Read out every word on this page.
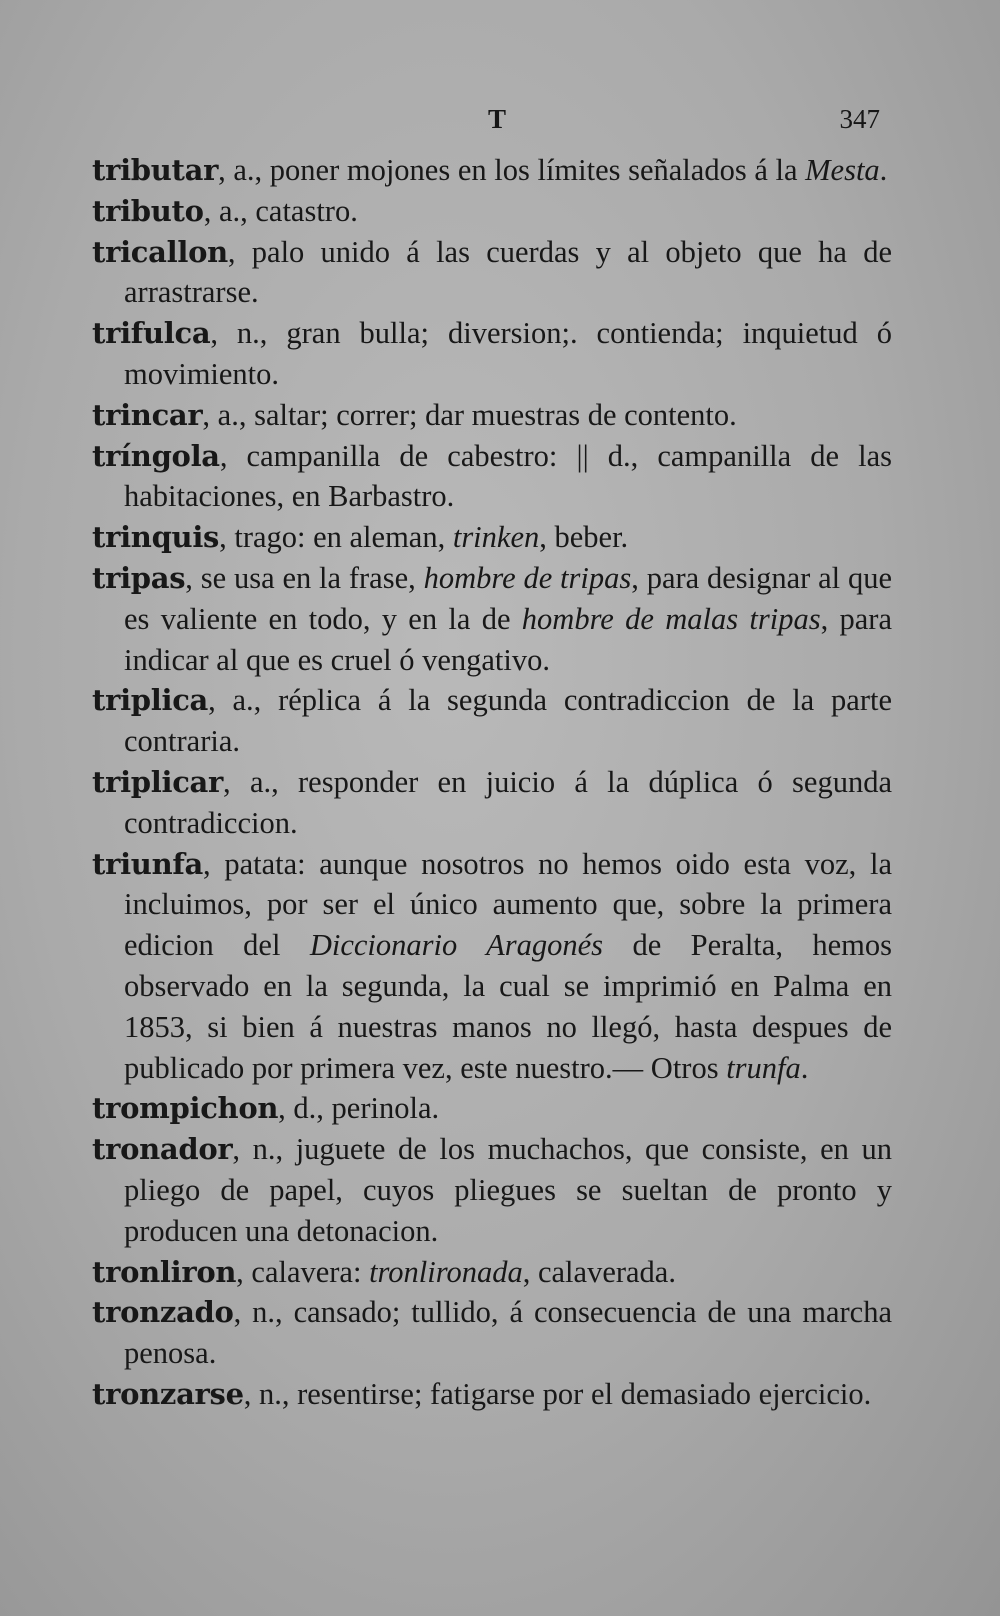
T	347

tributar, a., poner mojones en los límites señalados á la Mesta.

tributo, a., catastro.

tricallon, palo unido á las cuerdas y al objeto que ha de arrastrarse.

trifulca, n., gran bulla; diversion;. contienda; inquietud ó movimiento.

trincar, a., saltar; correr; dar muestras de contento.

tríngola, campanilla de cabestro: || d., campanilla de las habitaciones, en Barbastro.

trinquis, trago: en aleman, trinken, beber.

tripas, se usa en la frase, hombre de tripas, para designar al que es valiente en todo, y en la de hombre de malas tripas, para indicar al que es cruel ó vengativo.

triplica, a., réplica á la segunda contradiccion de la parte contraria.

triplicar, a., responder en juicio á la dúplica ó segunda contradiccion.

triunfa, patata: aunque nosotros no hemos oido esta voz, la incluimos, por ser el único aumento que, sobre la primera edicion del Diccionario Aragonés de Peralta, hemos observado en la segunda, la cual se imprimió en Palma en 1853, si bien á nuestras manos no llegó, hasta despues de publicado por primera vez, este nuestro.— Otros trunfa.

trompichon, d., perinola.

tronador, n., juguete de los muchachos, que consiste, en un pliego de papel, cuyos pliegues se sueltan de pronto y producen una detonacion.

tronliron, calavera: tronlironada, calaverada.

tronzado, n., cansado; tullido, á consecuencia de una marcha penosa.

tronzarse, n., resentirse; fatigarse por el demasiado ejercicio.
